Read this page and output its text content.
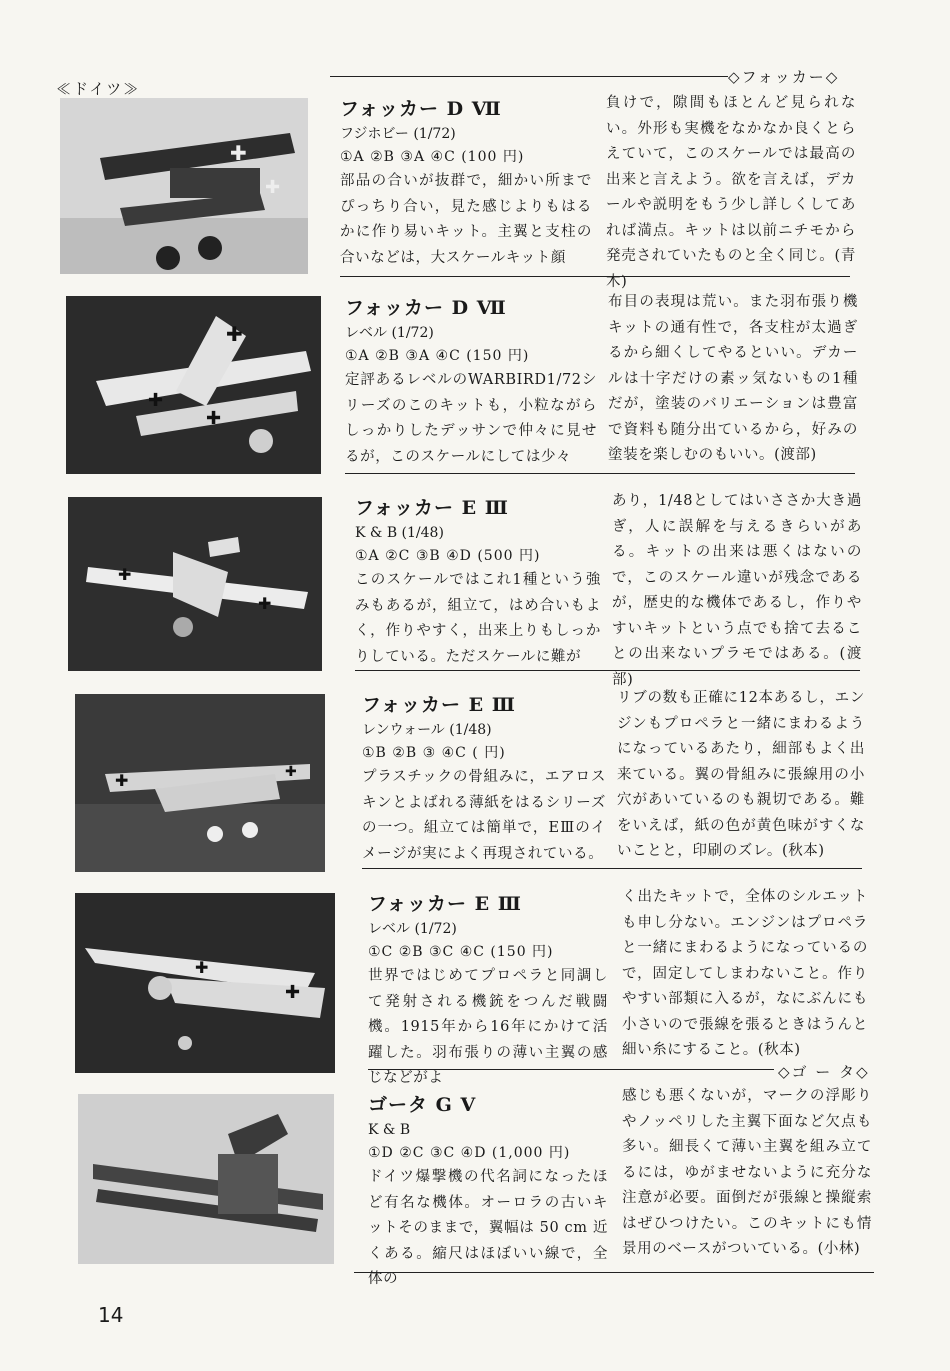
≪ドイツ≫
◇フォッカー◇
✚
✚
フォッカー D Ⅶ
フジホビー (1/72)
①A ②B ③A ④C (100 円)
部品の合いが抜群で，細かい所までぴっちり合い，見た感じよりもはるかに作り易いキット。主翼と支柱の合いなどは，大スケールキット顔
負けで，隙間もほとんど見られない。外形も実機をなかなか良くとらえていて，このスケールでは最高の出来と言えよう。欲を言えば，デカールや説明をもう少し詳しくしてあれば満点。キットは以前ニチモから発売されていたものと全く同じ。(青木)
✚
✚
✚
フォッカー D Ⅶ
レベル (1/72)
①A ②B ③A ④C (150 円)
定評あるレベルのWARBIRD1/72シリーズのこのキットも，小粒ながらしっかりしたデッサンで仲々に見せるが，このスケールにしては少々
布目の表現は荒い。また羽布張り機キットの通有性で，各支柱が太過ぎるから細くしてやるといい。デカールは十字だけの素ッ気ないもの1種だが，塗装のバリエーションは豊富で資料も随分出ているから，好みの塗装を楽しむのもいい。(渡部)
✚
✚
フォッカー E Ⅲ
K & B (1/48)
①A ②C ③B ④D (500 円)
このスケールではこれ1種という強みもあるが，組立て，はめ合いもよく，作りやすく，出来上りもしっかりしている。ただスケールに難が
あり，1/48としてはいささか大き過ぎ，人に誤解を与えるきらいがある。キットの出来は悪くはないので，このスケール違いが残念であるが，歴史的な機体であるし，作りやすいキットという点でも捨て去ることの出来ないプラモではある。(渡部)
✚	✚
フォッカー E Ⅲ
レンウォール (1/48)
①B ②B ③ ④C ( 円)
プラスチックの骨組みに，エアロスキンとよばれる薄紙をはるシリーズの一つ。組立ては簡単で，EⅢのイメージが実によく再現されている。
リブの数も正確に12本あるし，エンジンもプロペラと一緒にまわるようになっているあたり，細部もよく出来ている。翼の骨組みに張線用の小穴があいているのも親切である。難をいえば，紙の色が黄色味がすくないことと，印刷のズレ。(秋本)
✚
✚
フォッカー E Ⅲ
レベル (1/72)
①C ②B ③C ④C (150 円)
世界ではじめてプロペラと同調して発射される機銃をつんだ戦闘機。1915年から16年にかけて活躍した。羽布張りの薄い主翼の感じなどがよ
く出たキットで，全体のシルエットも申し分ない。エンジンはプロペラと一緒にまわるようになっているので，固定してしまわないこと。作りやすい部類に入るが，なにぶんにも小さいので張線を張るときはうんと細い糸にすること。(秋本)
◇ゴ ー タ◇
ゴータ G Ⅴ
K & B
①D ②C ③C ④D (1,000 円)
ドイツ爆撃機の代名詞になったほど有名な機体。オーロラの古いキットそのままで，翼幅は 50 cm 近くある。縮尺はほぼいい線で，全体の
感じも悪くないが，マークの浮彫りやノッペリした主翼下面など欠点も多い。細長くて薄い主翼を組み立てるには，ゆがませないように充分な注意が必要。面倒だが張線と操縦索はぜひつけたい。このキットにも情景用のベースがついている。(小林)
14
